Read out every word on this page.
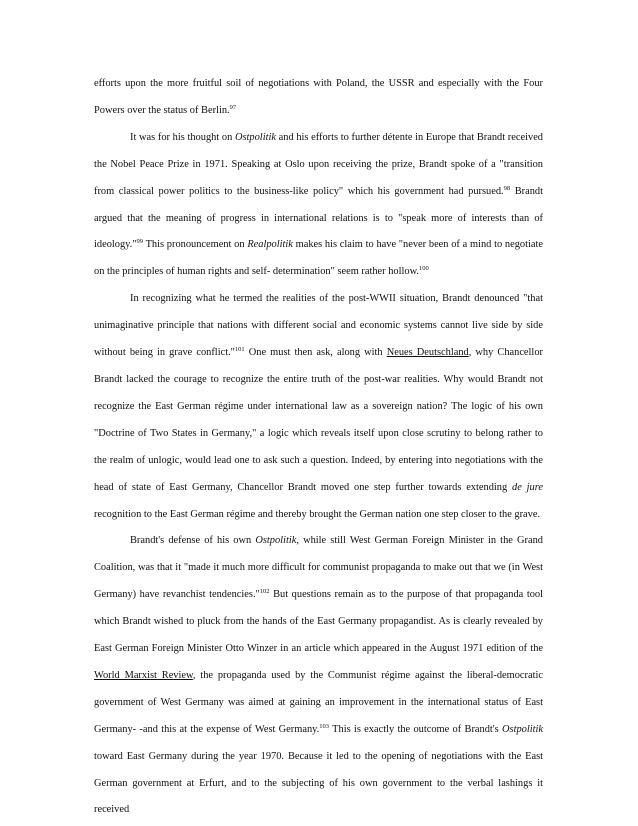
efforts upon the more fruitful soil of negotiations with Poland, the USSR and especially with the Four Powers over the status of Berlin.$^{97}$

It was for his thought on Ostpolitik and his efforts to further détente in Europe that Brandt received the Nobel Peace Prize in 1971. Speaking at Oslo upon receiving the prize, Brandt spoke of a "transition from classical power politics to the business-like policy" which his government had pursued.$^{98}$ Brandt argued that the meaning of progress in international relations is to "speak more of interests than of ideology."$^{99}$ This pronouncement on Realpolitik makes his claim to have "never been of a mind to negotiate on the principles of human rights and self- determination" seem rather hollow.$^{100}$

In recognizing what he termed the realities of the post-WWII situation, Brandt denounced "that unimaginative principle that nations with different social and economic systems cannot live side by side without being in grave conflict."$^{101}$ One must then ask, along with Neues Deutschland, why Chancellor Brandt lacked the courage to recognize the entire truth of the post-war realities. Why would Brandt not recognize the East German régime under international law as a sovereign nation? The logic of his own "Doctrine of Two States in Germany," a logic which reveals itself upon close scrutiny to belong rather to the realm of unlogic, would lead one to ask such a question. Indeed, by entering into negotiations with the head of state of East Germany, Chancellor Brandt moved one step further towards extending de jure recognition to the East German régime and thereby brought the German nation one step closer to the grave.

Brandt's defense of his own Ostpolitik, while still West German Foreign Minister in the Grand Coalition, was that it "made it much more difficult for communist propaganda to make out that we (in West Germany) have revanchist tendencies."$^{102}$ But questions remain as to the purpose of that propaganda tool which Brandt wished to pluck from the hands of the East Germany propagandist. As is clearly revealed by East German Foreign Minister Otto Winzer in an article which appeared in the August 1971 edition of the World Marxist Review, the propaganda used by the Communist régime against the liberal-democratic government of West Germany was aimed at gaining an improvement in the international status of East Germany- -and this at the expense of West Germany.$^{103}$ This is exactly the outcome of Brandt's Ostpolitik toward East Germany during the year 1970. Because it led to the opening of negotiations with the East German government at Erfurt, and to the subjecting of his own government to the verbal lashings it received
